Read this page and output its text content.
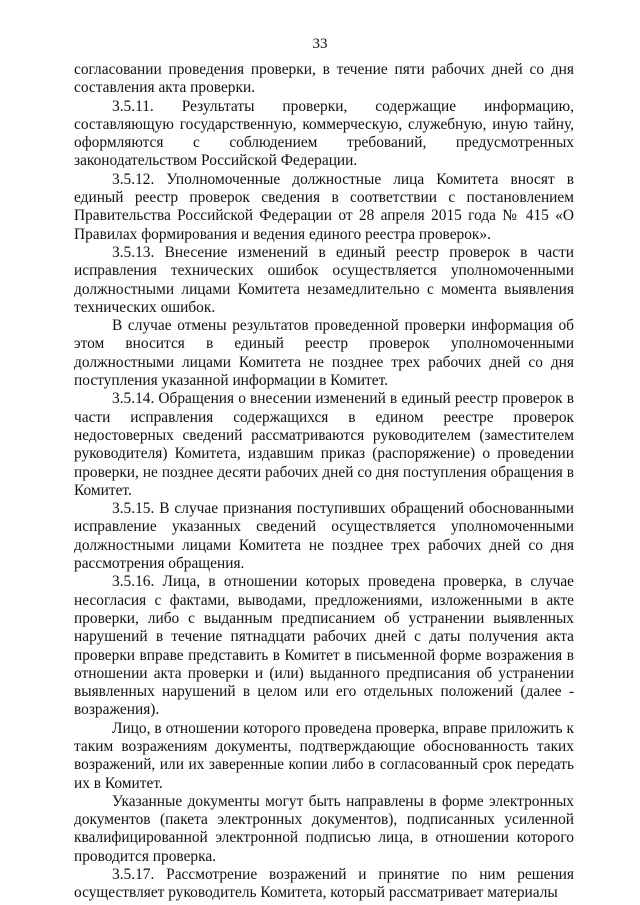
33

согласовании проведения проверки, в течение пяти рабочих дней со дня составления акта проверки.

3.5.11. Результаты проверки, содержащие информацию, составляющую государственную, коммерческую, служебную, иную тайну, оформляются с соблюдением требований, предусмотренных законодательством Российской Федерации.

3.5.12. Уполномоченные должностные лица Комитета вносят в единый реестр проверок сведения в соответствии с постановлением Правительства Российской Федерации от 28 апреля 2015 года № 415 «О Правилах формирования и ведения единого реестра проверок».

3.5.13. Внесение изменений в единый реестр проверок в части исправления технических ошибок осуществляется уполномоченными должностными лицами Комитета незамедлительно с момента выявления технических ошибок.

В случае отмены результатов проведенной проверки информация об этом вносится в единый реестр проверок уполномоченными должностными лицами Комитета не позднее трех рабочих дней со дня поступления указанной информации в Комитет.

3.5.14. Обращения о внесении изменений в единый реестр проверок в части исправления содержащихся в едином реестре проверок недостоверных сведений рассматриваются руководителем (заместителем руководителя) Комитета, издавшим приказ (распоряжение) о проведении проверки, не позднее десяти рабочих дней со дня поступления обращения в Комитет.

3.5.15. В случае признания поступивших обращений обоснованными исправление указанных сведений осуществляется уполномоченными должностными лицами Комитета не позднее трех рабочих дней со дня рассмотрения обращения.

3.5.16. Лица, в отношении которых проведена проверка, в случае несогласия с фактами, выводами, предложениями, изложенными в акте проверки, либо с выданным предписанием об устранении выявленных нарушений в течение пятнадцати рабочих дней с даты получения акта проверки вправе представить в Комитет в письменной форме возражения в отношении акта проверки и (или) выданного предписания об устранении выявленных нарушений в целом или его отдельных положений (далее - возражения).

Лицо, в отношении которого проведена проверка, вправе приложить к таким возражениям документы, подтверждающие обоснованность таких возражений, или их заверенные копии либо в согласованный срок передать их в Комитет.

Указанные документы могут быть направлены в форме электронных документов (пакета электронных документов), подписанных усиленной квалифицированной электронной подписью лица, в отношении которого проводится проверка.

3.5.17. Рассмотрение возражений и принятие по ним решения осуществляет руководитель Комитета, который рассматривает материалы
